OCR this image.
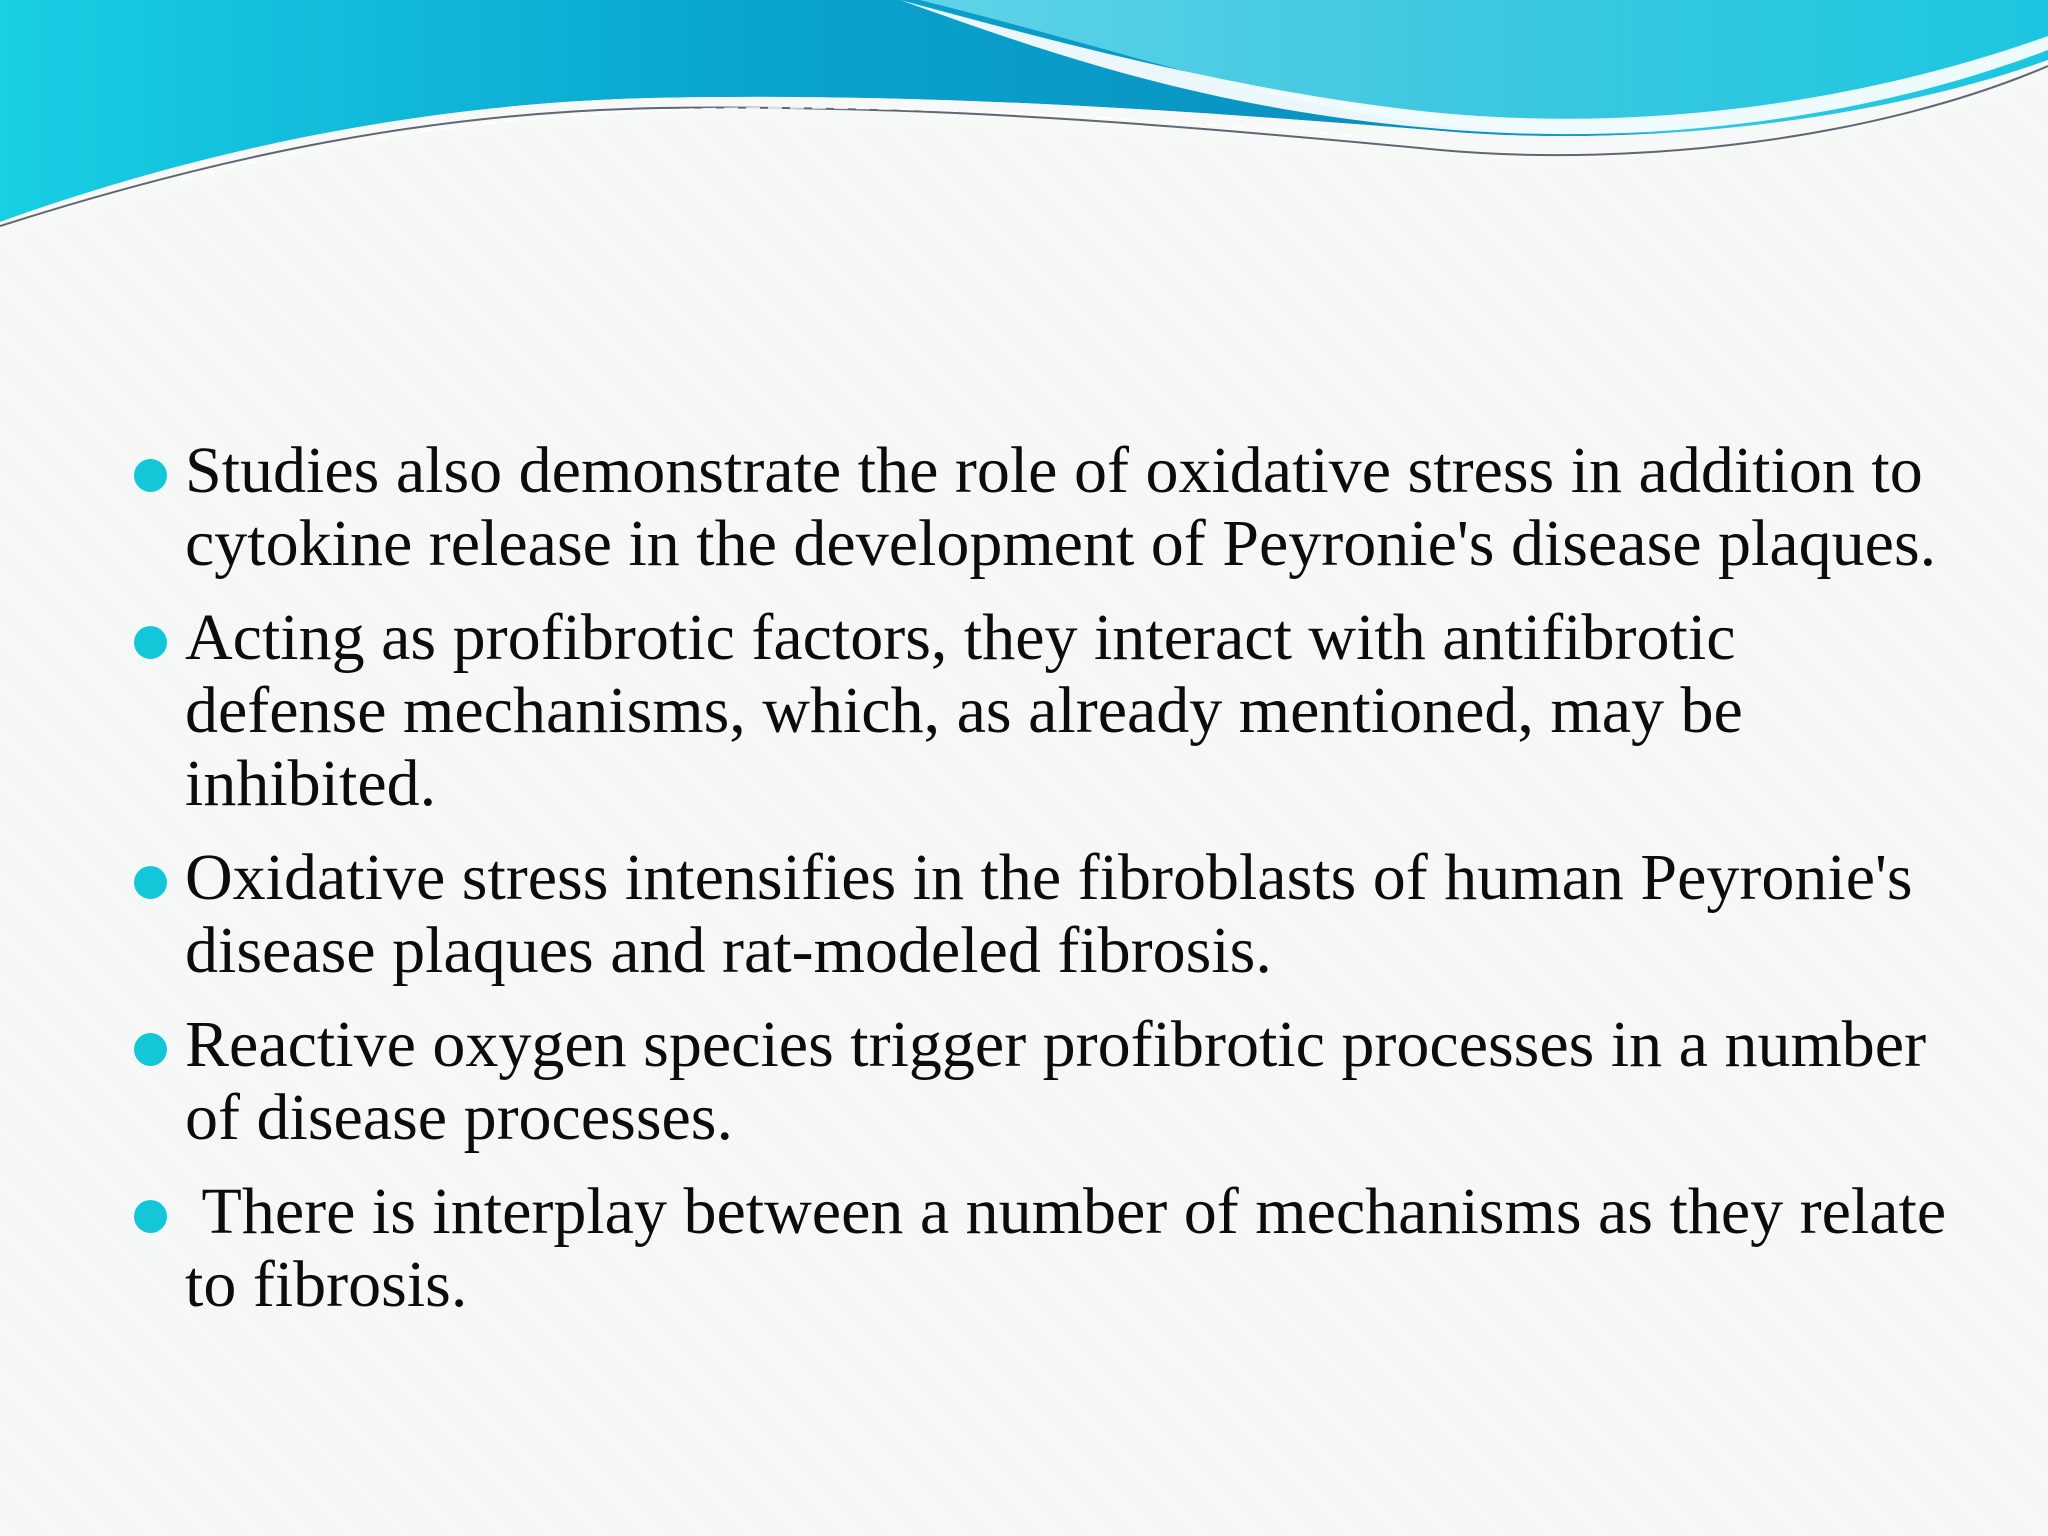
Studies also demonstrate the role of oxidative stress in addition to cytokine release in the development of Peyronie's disease plaques.
Acting as profibrotic factors, they interact with antifibrotic defense mechanisms, which, as already mentioned, may be inhibited.
Oxidative stress intensifies in the fibroblasts of human Peyronie's disease plaques and rat-modeled fibrosis.
Reactive oxygen species trigger profibrotic processes in a number of disease processes.
There is interplay between a number of mechanisms as they relate to fibrosis.
